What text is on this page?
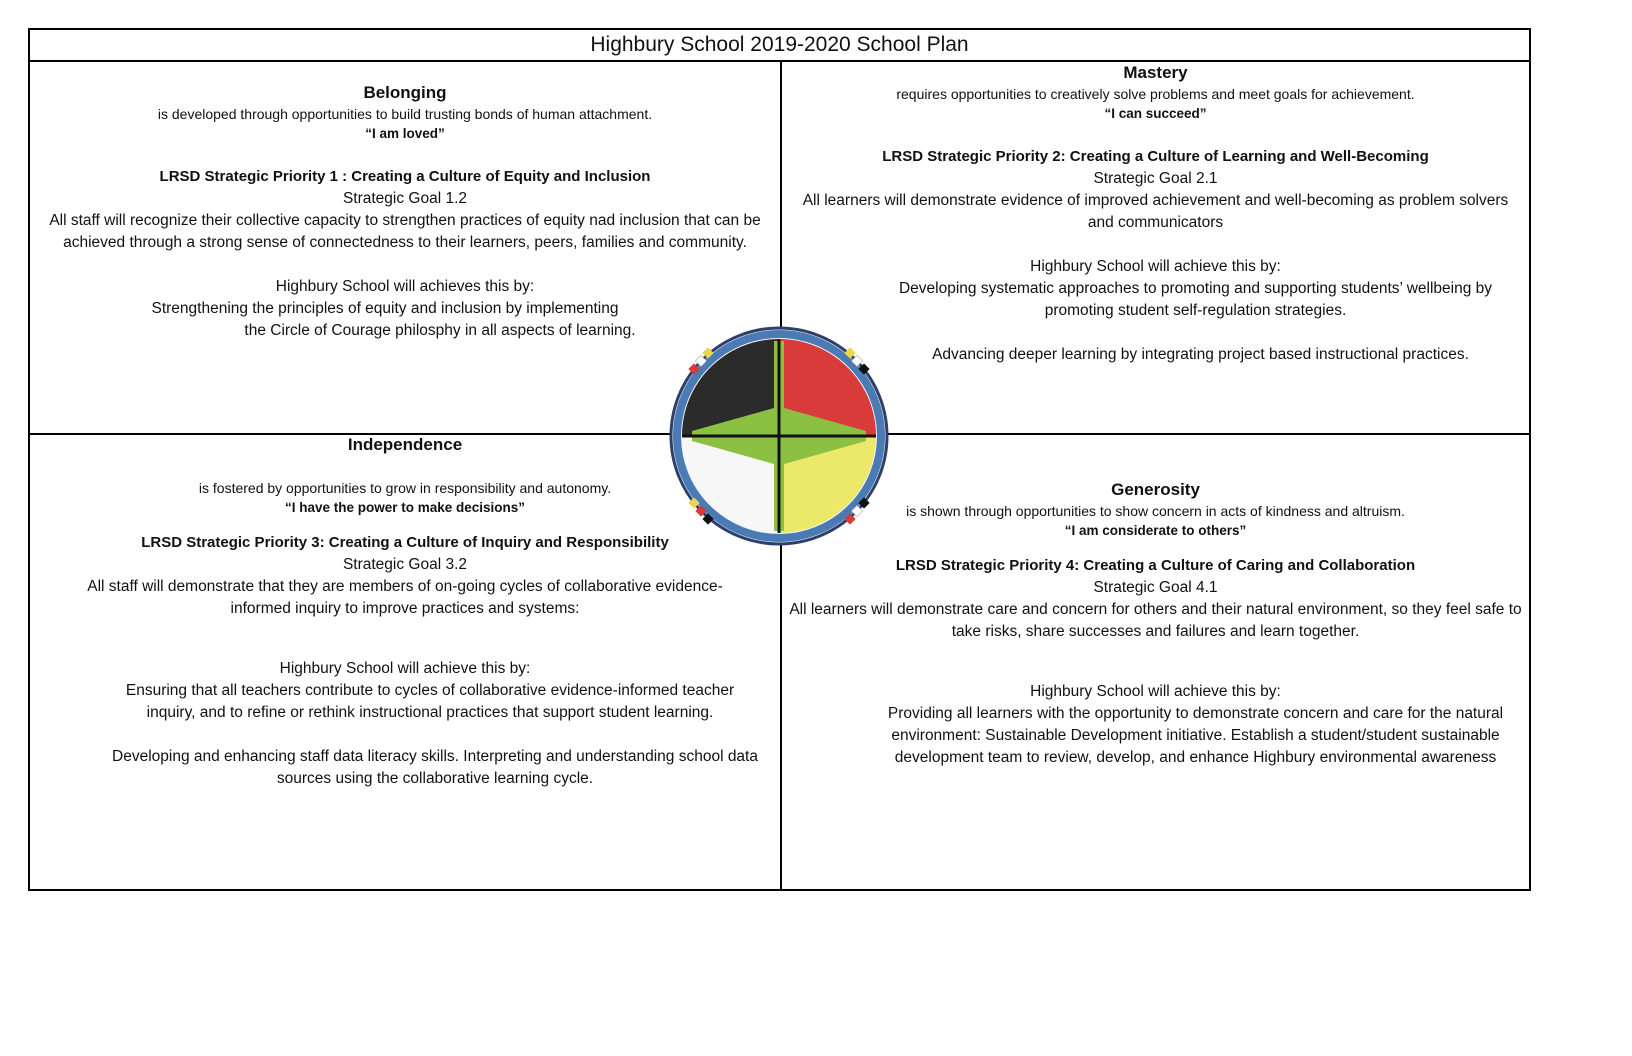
Highbury School 2019-2020 School Plan

Belonging

is developed through opportunities to build trusting bonds of human attachment.

“I am loved”

LRSD Strategic Priority 1 : Creating a Culture of Equity and Inclusion

Strategic Goal 1.2

All staff will recognize their collective capacity to strengthen practices of equity nad inclusion that can be achieved through a strong sense of connectedness to their learners, peers, families and community.

Highbury School will achieves this by:

Strengthening the principles of equity and inclusion by implementing

the Circle of Courage philosphy in all aspects of learning.

Mastery

requires opportunities to creatively solve problems and meet goals for achievement.

“I can succeed”

LRSD Strategic Priority 2: Creating a Culture of Learning and Well-Becoming

Strategic Goal 2.1

All learners will demonstrate evidence of improved achievement and well-becoming as problem solvers and communicators

Highbury School will achieve this by:

Developing systematic approaches to promoting and supporting students’ wellbeing by promoting student self-regulation strategies.

Advancing deeper learning by integrating project based instructional practices.

Independence

is fostered by opportunities to grow in responsibility and autonomy.

“I have the power to make decisions”

LRSD Strategic Priority 3: Creating a Culture of Inquiry and Responsibility

Strategic Goal 3.2

All staff will demonstrate that they are members of on-going cycles of collaborative evidence-informed inquiry to improve practices and systems:

Highbury School will achieve this by:

Ensuring that all teachers contribute to cycles of collaborative evidence-informed teacher inquiry, and to refine or rethink instructional practices that support student learning.

Developing and enhancing staff data literacy skills. Interpreting and understanding school data sources using the collaborative learning cycle.

Generosity

is shown through opportunities to show concern in acts of kindness and altruism.

“I am considerate to others”

LRSD Strategic Priority 4: Creating a Culture of Caring and Collaboration

Strategic Goal 4.1

All learners will demonstrate care and concern for others and their natural environment, so they feel safe to take risks, share successes and failures and learn together.

Highbury School will achieve this by:

Providing all learners with the opportunity to demonstrate concern and care for the natural environment: Sustainable Development initiative. Establish a student/student sustainable development team to review, develop, and enhance Highbury environmental awareness
